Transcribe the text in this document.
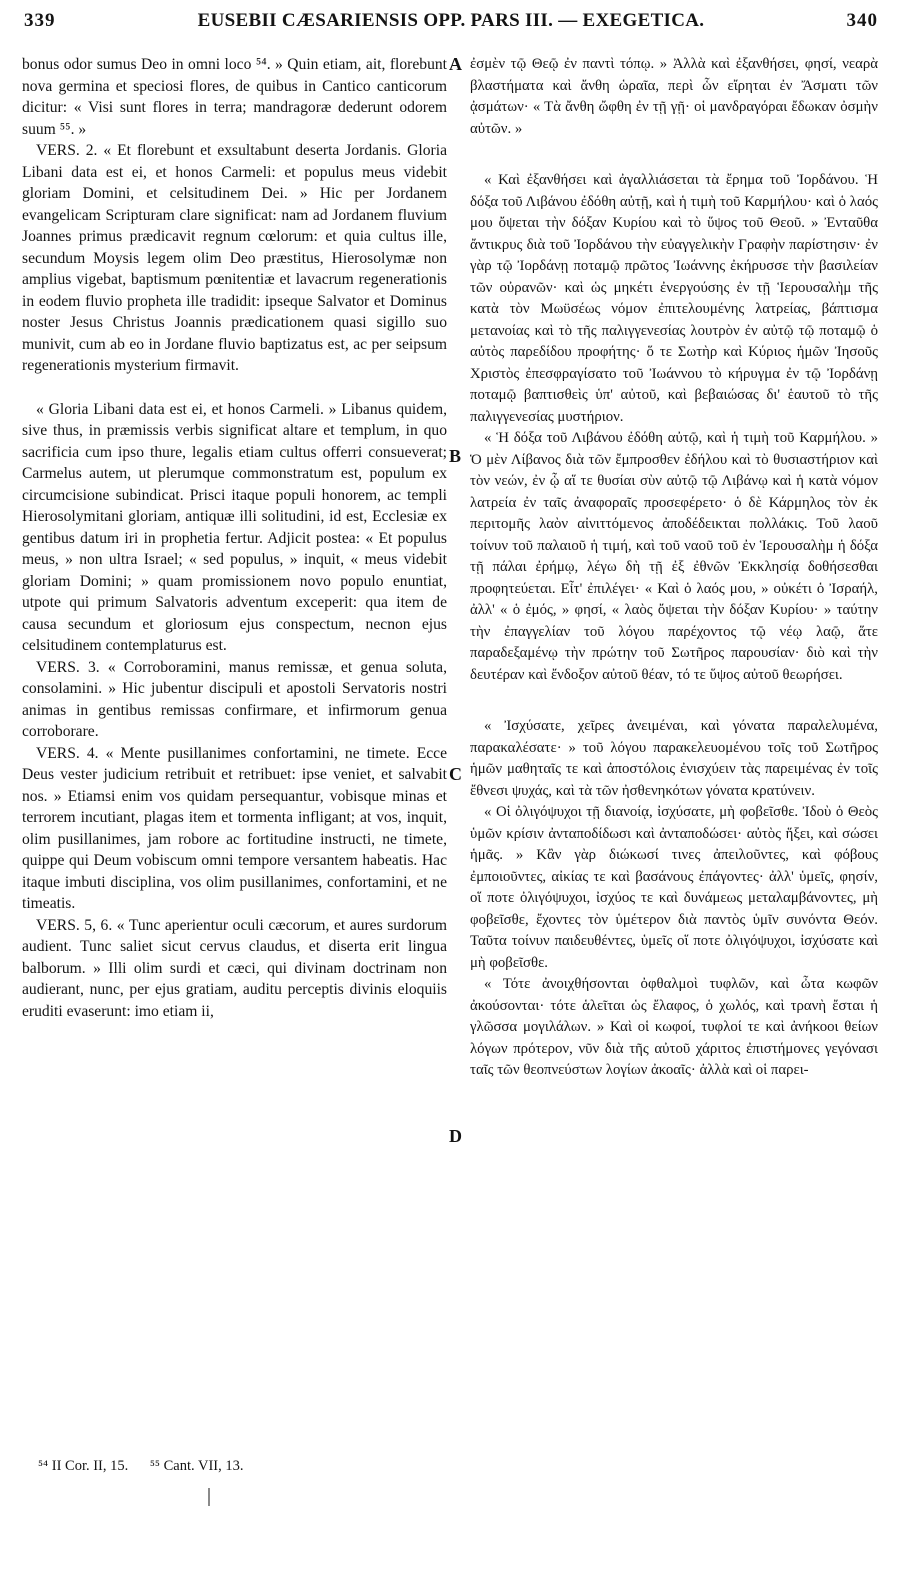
339	EUSEBII CÆSARIENSIS OPP. PARS III. — EXEGETICA.	340

bonus odor sumus Deo in omni loco ⁵⁴. » Quin etiam, ait, florebunt nova germina et speciosi flores, de quibus in Cantico canticorum dicitur: « Visi sunt flores in terra; mandragoræ dederunt odorem suum ⁵⁵. »

VERS. 2. « Et florebunt et exsultabunt deserta Jordanis. Gloria Libani data est ei, et honos Carmeli: et populus meus videbit gloriam Domini, et celsitudinem Dei. » Hic per Jordanem evangelicam Scripturam clare significat: nam ad Jordanem fluvium Joannes primus prædicavit regnum cœlorum: et quia cultus ille, secundum Moysis legem olim Deo præstitus, Hierosolymæ non amplius vigebat, baptismum pœnitentiæ et lavacrum regenerationis in eodem fluvio propheta ille tradidit: ipseque Salvator et Dominus noster Jesus Christus Joannis prædicationem quasi sigillo suo munivit, cum ab eo in Jordane fluvio baptizatus est, ac per seipsum regenerationis mysterium firmavit.

« Gloria Libani data est ei, et honos Carmeli. » Libanus quidem, sive thus, in præmissis verbis significat altare et templum, in quo sacrificia cum ipso thure, legalis etiam cultus offerri consueverat; Carmelus autem, ut plerumque commonstratum est, populum ex circumcisione subindicat. Prisci itaque populi honorem, ac templi Hierosolymitani gloriam, antiquæ illi solitudini, id est, Ecclesiæ ex gentibus datum iri in prophetia fertur. Adjicit postea: « Et populus meus, » non ultra Israel; « sed populus, » inquit, « meus videbit gloriam Domini; » quam promissionem novo populo enuntiat, utpote qui primum Salvatoris adventum exceperit: qua item de causa secundum et gloriosum ejus conspectum, necnon ejus celsitudinem contemplaturus est.

VERS. 3. « Corroboramini, manus remissæ, et genua soluta, consolamini. » Hic jubentur discipuli et apostoli Servatoris nostri animas in gentibus remissas confirmare, et infirmorum genua corroborare.

VERS. 4. « Mente pusillanimes confortamini, ne timete. Ecce Deus vester judicium retribuit et retribuet: ipse veniet, et salvabit nos. » Etiamsi enim vos quidam persequantur, vobisque minas et terrorem incutiant, plagas item et tormenta infligant; at vos, inquit, olim pusillanimes, jam robore ac fortitudine instructi, ne timete, quippe qui Deum vobiscum omni tempore versantem habeatis. Hac itaque imbuti disciplina, vos olim pusillanimes, confortamini, et ne timeatis.

VERS. 5, 6. « Tunc aperientur oculi cæcorum, et aures surdorum audient. Tunc saliet sicut cervus claudus, et diserta erit lingua balborum. » Illi olim surdi et cæci, qui divinam doctrinam non audierant, nunc, per ejus gratiam, auditu perceptis divinis eloquiis eruditi evaserunt: imo etiam ii,

A
B
C
D

ἐσμὲν τῷ Θεῷ ἐν παντὶ τόπῳ. » Ἀλλὰ καὶ ἐξανθήσει, φησί, νεαρὰ βλαστήματα καὶ ἄνθη ὡραῖα, περὶ ὧν εἴρηται ἐν Ἄσματι τῶν ᾀσμάτων· « Τὰ ἄνθη ὤφθη ἐν τῇ γῇ· οἱ μανδραγόραι ἔδωκαν ὀσμὴν αὐτῶν. »

« Καὶ ἐξανθήσει καὶ ἀγαλλιάσεται τὰ ἔρημα τοῦ Ἰορδάνου. Ἡ δόξα τοῦ Λιβάνου ἐδόθη αὐτῇ, καὶ ἡ τιμὴ τοῦ Καρμήλου· καὶ ὁ λαός μου ὄψεται τὴν δόξαν Κυρίου καὶ τὸ ὕψος τοῦ Θεοῦ. » Ἐνταῦθα ἄντικρυς διὰ τοῦ Ἰορδάνου τὴν εὐαγγελικὴν Γραφὴν παρίστησιν· ἐν γὰρ τῷ Ἰορδάνῃ ποταμῷ πρῶτος Ἰωάννης ἐκήρυσσε τὴν βασιλείαν τῶν οὐρανῶν· καὶ ὡς μηκέτι ἐνεργούσης ἐν τῇ Ἱερουσαλὴμ τῆς κατὰ τὸν Μωϋσέως νόμον ἐπιτελουμένης λατρείας, βάπτισμα μετανοίας καὶ τὸ τῆς παλιγγενεσίας λουτρὸν ἐν αὐτῷ τῷ ποταμῷ ὁ αὐτὸς παρεδίδου προφήτης· ὅ τε Σωτὴρ καὶ Κύριος ἡμῶν Ἰησοῦς Χριστὸς ἐπεσφραγίσατο τοῦ Ἰωάννου τὸ κήρυγμα ἐν τῷ Ἰορδάνῃ ποταμῷ βαπτισθεὶς ὑπ' αὐτοῦ, καὶ βεβαιώσας δι' ἑαυτοῦ τὸ τῆς παλιγγενεσίας μυστήριον.

« Ἡ δόξα τοῦ Λιβάνου ἐδόθη αὐτῷ, καὶ ἡ τιμὴ τοῦ Καρμήλου. » Ὁ μὲν Λίβανος διὰ τῶν ἔμπροσθεν ἐδήλου καὶ τὸ θυσιαστήριον καὶ τὸν νεών, ἐν ᾧ αἵ τε θυσίαι σὺν αὐτῷ τῷ Λιβάνῳ καὶ ἡ κατὰ νόμον λατρεία ἐν ταῖς ἀναφοραῖς προσεφέρετο· ὁ δὲ Κάρμηλος τὸν ἐκ περιτομῆς λαὸν αἰνιττόμενος ἀποδέδεικται πολλάκις. Τοῦ λαοῦ τοίνυν τοῦ παλαιοῦ ἡ τιμή, καὶ τοῦ ναοῦ τοῦ ἐν Ἱερουσαλὴμ ἡ δόξα τῇ πάλαι ἐρήμῳ, λέγω δὴ τῇ ἐξ ἐθνῶν Ἐκκλησίᾳ δοθήσεσθαι προφητεύεται. Εἶτ' ἐπιλέγει· « Καὶ ὁ λαός μου, » οὐκέτι ὁ Ἰσραήλ, ἀλλ' « ὁ ἐμός, » φησί, « λαὸς ὄψεται τὴν δόξαν Κυρίου· » ταύτην τὴν ἐπαγγελίαν τοῦ λόγου παρέχοντος τῷ νέῳ λαῷ, ἅτε παραδεξαμένῳ τὴν πρώτην τοῦ Σωτῆρος παρουσίαν· διὸ καὶ τὴν δευτέραν καὶ ἔνδοξον αὐτοῦ θέαν, τό τε ὕψος αὐτοῦ θεωρήσει.

« Ἰσχύσατε, χεῖρες ἀνειμέναι, καὶ γόνατα παραλελυμένα, παρακαλέσατε· » τοῦ λόγου παρακελευομένου τοῖς τοῦ Σωτῆρος ἡμῶν μαθηταῖς τε καὶ ἀποστόλοις ἐνισχύειν τὰς παρειμένας ἐν τοῖς ἔθνεσι ψυχάς, καὶ τὰ τῶν ἠσθενηκότων γόνατα κρατύνειν.

« Οἱ ὀλιγόψυχοι τῇ διανοίᾳ, ἰσχύσατε, μὴ φοβεῖσθε. Ἰδοὺ ὁ Θεὸς ὑμῶν κρίσιν ἀνταποδίδωσι καὶ ἀνταποδώσει· αὐτὸς ἥξει, καὶ σώσει ἡμᾶς. » Κἂν γὰρ διώκωσί τινες ἀπειλοῦντες, καὶ φόβους ἐμποιοῦντες, αἰκίας τε καὶ βασάνους ἐπάγοντες· ἀλλ' ὑμεῖς, φησίν, οἵ ποτε ὀλιγόψυχοι, ἰσχύος τε καὶ δυνάμεως μεταλαμβάνοντες, μὴ φοβεῖσθε, ἔχοντες τὸν ὑμέτερον διὰ παντὸς ὑμῖν συνόντα Θεόν. Ταῦτα τοίνυν παιδευθέντες, ὑμεῖς οἵ ποτε ὀλιγόψυχοι, ἰσχύσατε καὶ μὴ φοβεῖσθε.

« Τότε ἀνοιχθήσονται ὀφθαλμοὶ τυφλῶν, καὶ ὦτα κωφῶν ἀκούσονται· τότε ἁλεῖται ὡς ἔλαφος, ὁ χωλός, καὶ τρανὴ ἔσται ἡ γλῶσσα μογιλάλων. » Καὶ οἱ κωφοί, τυφλοί τε καὶ ἀνήκοοι θείων λόγων πρότερον, νῦν διὰ τῆς αὐτοῦ χάριτος ἐπιστήμονες γεγόνασι ταῖς τῶν θεοπνεύστων λογίων ἀκοαῖς· ἀλλὰ καὶ οἱ παρει-

⁵⁴ II Cor. II, 15. ⁵⁵ Cant. VII, 13.
